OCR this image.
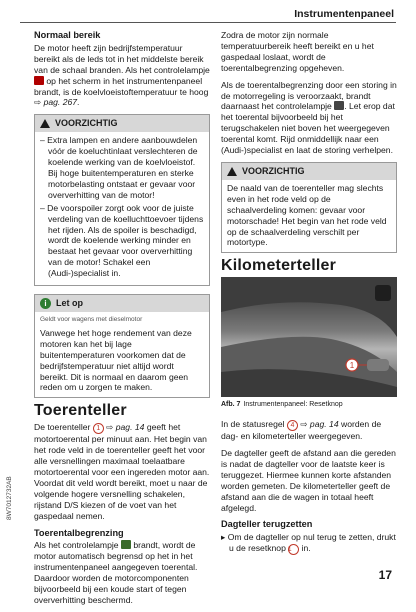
Instrumentenpaneel
Normaal bereik

De motor heeft zijn bedrijfstemperatuur bereikt als de leds tot in het middelste bereik van de schaal branden. Als het controlelampje  op het scherm in het instrumentenpaneel brandt, is de koelvloeistoftemperatuur te hoog ⇨ pag. 267.

VOORZICHTIG
– Extra lampen en andere aanbouwdelen vóór de koeluchtinlaat verslechteren de koelende werking van de koelvloeistof. Bij hoge buitentemperaturen en sterke motorbelasting ontstaat er gevaar voor oververhitting van de motor!
– De voorspoiler zorgt ook voor de juiste verdeling van de koelluchttoevoer tijdens het rijden. Als de spoiler is beschadigd, wordt de koelende werking minder en bestaat het gevaar voor oververhitting van de motor! Schakel een (Audi-)specialist in.
i	Let op
Geldt voor wagens met dieselmotor
Vanwege het hoge rendement van deze motoren kan het bij lage buitentemperaturen voorkomen dat de bedrijfstemperatuur niet altijd wordt bereikt. Dit is normaal en daarom geen reden om u zorgen te maken.
Toerenteller

De toerenteller 1 ⇨ pag. 14 geeft het motortoerental per minuut aan. Het begin van het rode veld in de toerenteller geeft het voor alle versnellingen maximaal toelaatbare motortoerental voor een ingereden motor aan. Voordat dit veld wordt bereikt, moet u naar de volgende hogere versnelling schakelen, rijstand D/S kiezen of de voet van het gaspedaal nemen.

Toerentalbegrenzing

Als het controlelampje  brandt, wordt de motor automatisch begrensd op het in het instrumentenpaneel aangegeven toerental. Daardoor worden de motorcomponenten bijvoorbeeld bij een koude start of tegen oververhitting beschermd.

Zodra de motor zijn normale temperatuurbereik heeft bereikt en u het gaspedaal loslaat, wordt de toerentalbegrenzing opgeheven.

Als de toerentalbegrenzing door een storing in de motorregeling is veroorzaakt, brandt daarnaast het controlelampje . Let erop dat het toerental bijvoorbeeld bij het terugschakelen niet boven het weergegeven toerental komt. Rijd onmiddellijk naar een (Audi-)specialist en laat de storing verhelpen.

VOORZICHTIG
De naald van de toerenteller mag slechts even in het rode veld op de schaalverdeling komen: gevaar voor motorschade! Het begin van het rode veld op de schaalverdeling verschilt per motortype.
Kilometerteller
1
Afb. 7 Instrumentenpaneel: Resetknop

In de statusregel 4 ⇨ pag. 14 worden de dag- en kilometerteller weergegeven.

De dagteller geeft de afstand aan die gereden is nadat de dagteller voor de laatste keer is teruggezet. Hiermee kunnen korte afstanden worden gemeten. De kilometerteller geeft de afstand aan die de wagen in totaal heeft afgelegd.

Dagteller terugzetten
▸ Om de dagteller op nul terug te zetten, drukt u de resetknop 1 in.
8W7012732AB
17
